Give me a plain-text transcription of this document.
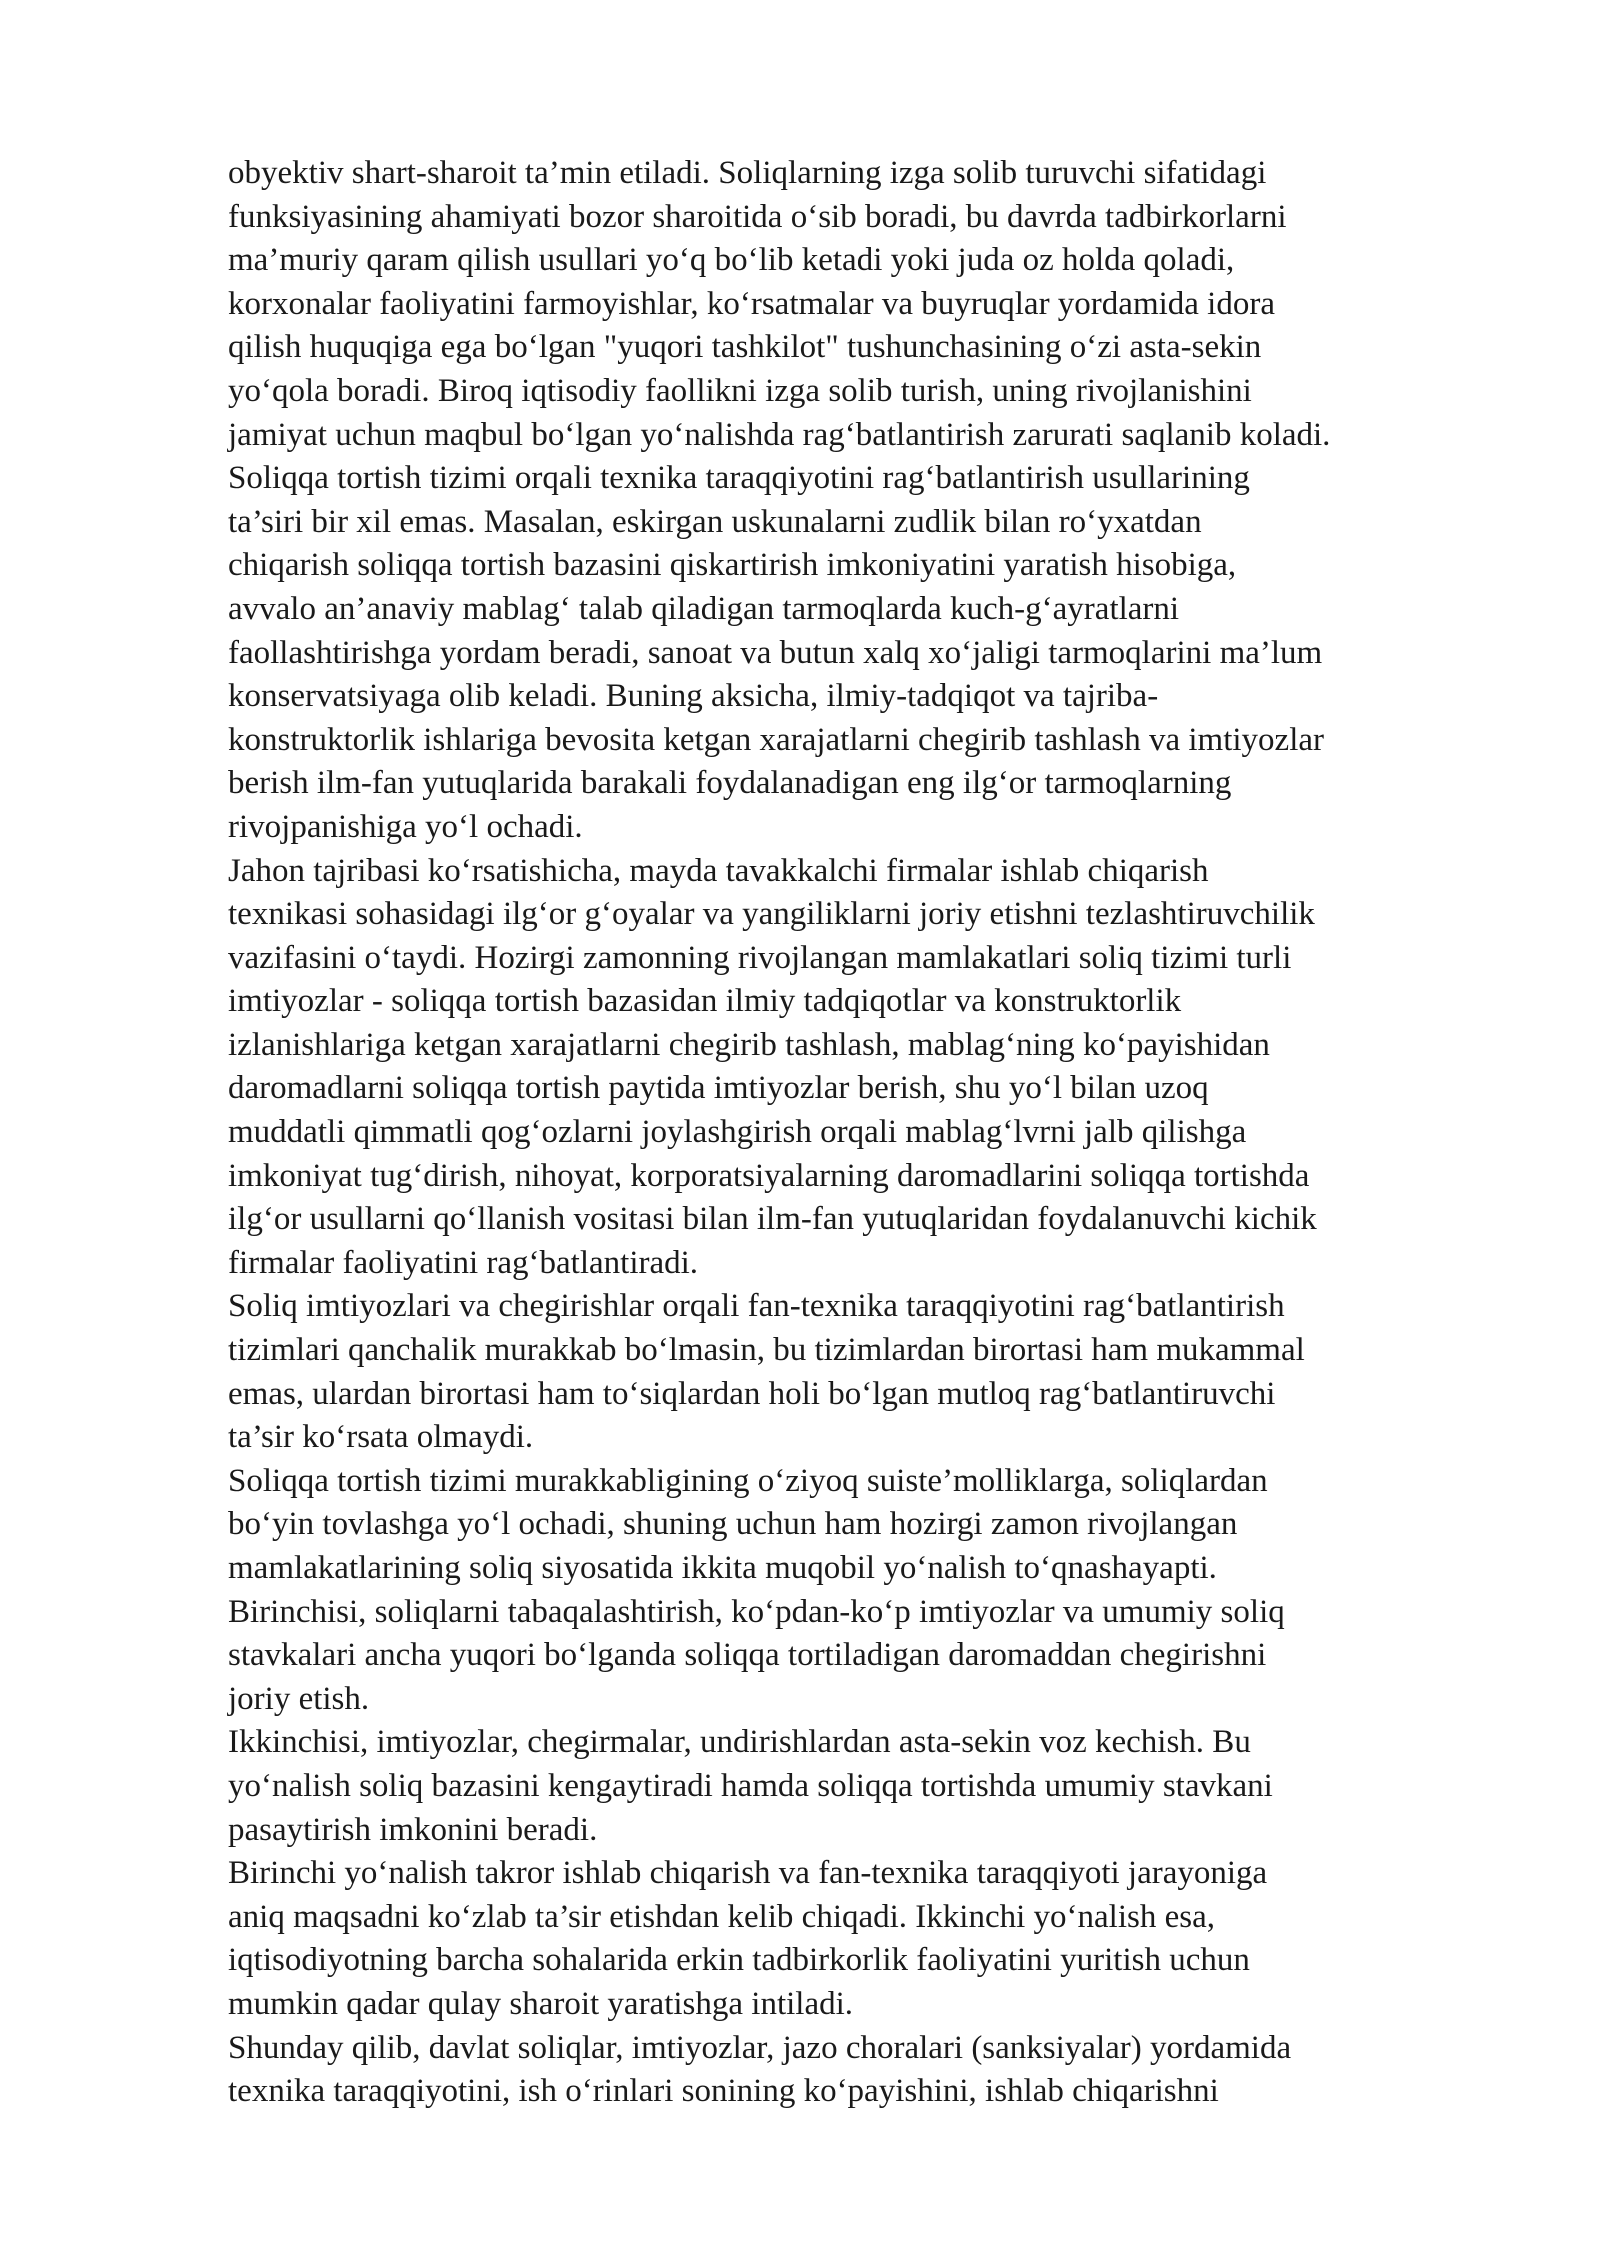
obyektiv shart-sharoit ta’min etiladi. Soliqlarning izga solib turuvchi sifatidagi
funksiyasining ahamiyati bozor sharoitida o‘sib boradi, bu davrda tadbirkorlarni
ma’muriy qaram qilish usullari yo‘q bo‘lib ketadi yoki juda oz holda qoladi,
korxonalar faoliyatini farmoyishlar, ko‘rsatmalar va buyruqlar yordamida idora
qilish huquqiga ega bo‘lgan "yuqori tashkilot" tushunchasining o‘zi asta-sekin
yo‘qola boradi. Biroq iqtisodiy faollikni izga solib turish, uning rivojlanishini
jamiyat uchun maqbul bo‘lgan yo‘nalishda rag‘batlantirish zarurati saqlanib koladi.
Soliqqa tortish tizimi orqali texnika taraqqiyotini rag‘batlantirish usullarining
ta’siri bir xil emas. Masalan, eskirgan uskunalarni zudlik bilan ro‘yxatdan
chiqarish soliqqa tortish bazasini qiskartirish imkoniyatini yaratish hisobiga,
avvalo an’anaviy mablag‘ talab qiladigan tarmoqlarda kuch-g‘ayratlarni
faollashtirishga yordam beradi, sanoat va butun xalq xo‘jaligi tarmoqlarini ma’lum
konservatsiyaga olib keladi. Buning aksicha, ilmiy-tadqiqot va tajriba-
konstruktorlik ishlariga bevosita ketgan xarajatlarni chegirib tashlash va imtiyozlar
berish ilm-fan yutuqlarida barakali foydalanadigan eng ilg‘or tarmoqlarning
rivojpanishiga yo‘l ochadi.
Jahon tajribasi ko‘rsatishicha, mayda tavakkalchi firmalar ishlab chiqarish
texnikasi sohasidagi ilg‘or g‘oyalar va yangiliklarni joriy etishni tezlashtiruvchilik
vazifasini o‘taydi. Hozirgi zamonning rivojlangan mamlakatlari soliq tizimi turli
imtiyozlar - soliqqa tortish bazasidan ilmiy tadqiqotlar va konstruktorlik
izlanishlariga ketgan xarajatlarni chegirib tashlash, mablag‘ning ko‘payishidan
daromadlarni soliqqa tortish paytida imtiyozlar berish, shu yo‘l bilan uzoq
muddatli qimmatli qog‘ozlarni joylashgirish orqali mablag‘lvrni jalb qilishga
imkoniyat tug‘dirish, nihoyat, korporatsiyalarning daromadlarini soliqqa tortishda
ilg‘or usullarni qo‘llanish vositasi bilan ilm-fan yutuqlaridan foydalanuvchi kichik
firmalar faoliyatini rag‘batlantiradi.
Soliq imtiyozlari va chegirishlar orqali fan-texnika taraqqiyotini rag‘batlantirish
tizimlari qanchalik murakkab bo‘lmasin, bu tizimlardan birortasi ham mukammal
emas, ulardan birortasi ham to‘siqlardan holi bo‘lgan mutloq rag‘batlantiruvchi
ta’sir ko‘rsata olmaydi.
Soliqqa tortish tizimi murakkabligining o‘ziyoq suiste’molliklarga, soliqlardan
bo‘yin tovlashga yo‘l ochadi, shuning uchun ham hozirgi zamon rivojlangan
mamlakatlarining soliq siyosatida ikkita muqobil yo‘nalish to‘qnashayapti.
Birinchisi, soliqlarni tabaqalashtirish, ko‘pdan-ko‘p imtiyozlar va umumiy soliq
stavkalari ancha yuqori bo‘lganda soliqqa tortiladigan daromaddan chegirishni
joriy etish.
Ikkinchisi, imtiyozlar, chegirmalar, undirishlardan asta-sekin voz kechish. Bu
yo‘nalish soliq bazasini kengaytiradi hamda soliqqa tortishda umumiy stavkani
pasaytirish imkonini beradi.
Birinchi yo‘nalish takror ishlab chiqarish va fan-texnika taraqqiyoti jarayoniga
aniq maqsadni ko‘zlab ta’sir etishdan kelib chiqadi. Ikkinchi yo‘nalish esa,
iqtisodiyotning barcha sohalarida erkin tadbirkorlik faoliyatini yuritish uchun
mumkin qadar qulay sharoit yaratishga intiladi.
Shunday qilib, davlat soliqlar, imtiyozlar, jazo choralari (sanksiyalar) yordamida
texnika taraqqiyotini, ish o‘rinlari sonining ko‘payishini, ishlab chiqarishni
